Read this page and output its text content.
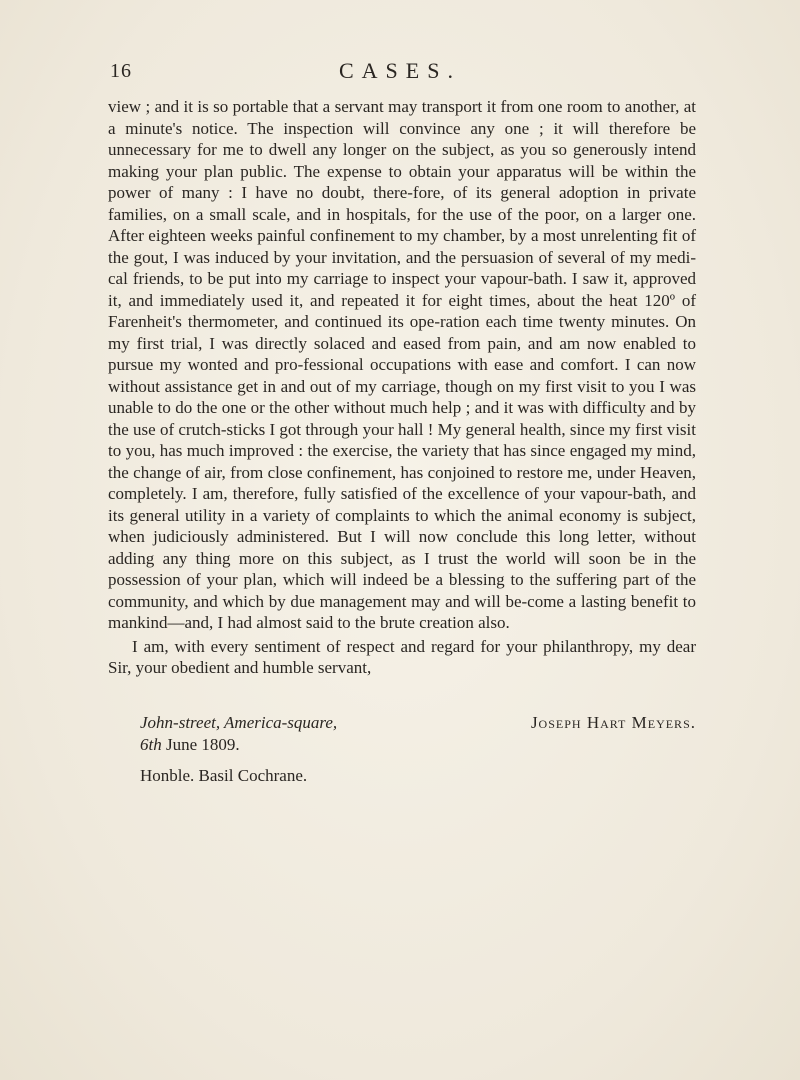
16	CASES.

view ; and it is so portable that a servant may transport it from one room to another, at a minute's notice. The inspection will convince any one ; it will therefore be unnecessary for me to dwell any longer on the subject, as you so generously intend making your plan public. The expense to obtain your apparatus will be within the power of many : I have no doubt, there-fore, of its general adoption in private families, on a small scale, and in hospitals, for the use of the poor, on a larger one. After eighteen weeks painful confinement to my chamber, by a most unrelenting fit of the gout, I was induced by your invitation, and the persuasion of several of my medi-cal friends, to be put into my carriage to inspect your vapour-bath. I saw it, approved it, and immediately used it, and repeated it for eight times, about the heat 120º of Farenheit's thermometer, and continued its ope-ration each time twenty minutes. On my first trial, I was directly solaced and eased from pain, and am now enabled to pursue my wonted and pro-fessional occupations with ease and comfort. I can now without assistance get in and out of my carriage, though on my first visit to you I was unable to do the one or the other without much help ; and it was with difficulty and by the use of crutch-sticks I got through your hall ! My general health, since my first visit to you, has much improved : the exercise, the variety that has since engaged my mind, the change of air, from close confinement, has conjoined to restore me, under Heaven, completely. I am, therefore, fully satisfied of the excellence of your vapour-bath, and its general utility in a variety of complaints to which the animal economy is subject, when judiciously administered. But I will now conclude this long letter, without adding any thing more on this subject, as I trust the world will soon be in the possession of your plan, which will indeed be a blessing to the suffering part of the community, and which by due management may and will be-come a lasting benefit to mankind—and, I had almost said to the brute creation also.

I am, with every sentiment of respect and regard for your philanthropy, my dear Sir, your obedient and humble servant,

John-street, America-square,	Joseph Hart Meyers.
6th June 1809.
Honble. Basil Cochrane.
